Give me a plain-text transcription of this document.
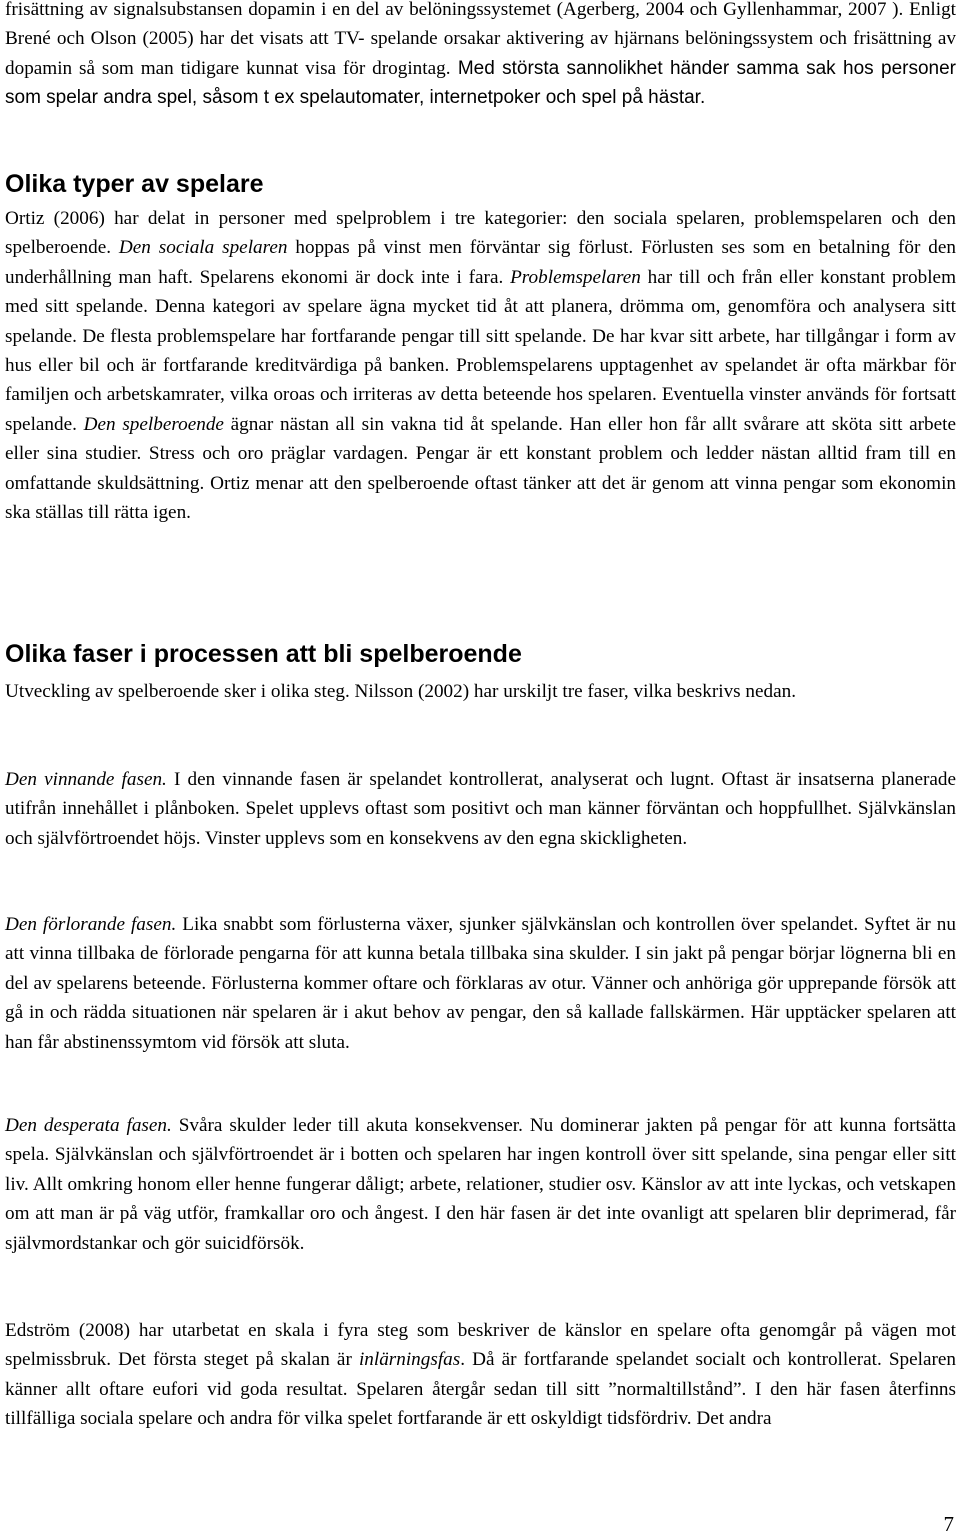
frisättning av signalsubstansen dopamin i en del av belöningssystemet (Agerberg, 2004 och Gyllenhammar, 2007 ). Enligt Brené och Olson (2005) har det visats att TV- spelande orsakar aktivering av hjärnans belöningssystem och frisättning av dopamin så som man tidigare kunnat visa för drogintag. Med största sannolikhet händer samma sak hos personer som spelar andra spel, såsom t ex spelautomater, internetpoker och spel på hästar.

Olika typer av spelare

Ortiz (2006) har delat in personer med spelproblem i tre kategorier: den sociala spelaren, problemspelaren och den spelberoende. Den sociala spelaren hoppas på vinst men förväntar sig förlust. Förlusten ses som en betalning för den underhållning man haft. Spelarens ekonomi är dock inte i fara. Problemspelaren har till och från eller konstant problem med sitt spelande. Denna kategori av spelare ägna mycket tid åt att planera, drömma om, genomföra och analysera sitt spelande. De flesta problemspelare har fortfarande pengar till sitt spelande. De har kvar sitt arbete, har tillgångar i form av hus eller bil och är fortfarande kreditvärdiga på banken. Problemspelarens upptagenhet av spelandet är ofta märkbar för familjen och arbetskamrater, vilka oroas och irriteras av detta beteende hos spelaren. Eventuella vinster används för fortsatt spelande. Den spelberoende ägnar nästan all sin vakna tid åt spelande. Han eller hon får allt svårare att sköta sitt arbete eller sina studier. Stress och oro präglar vardagen. Pengar är ett konstant problem och ledder nästan alltid fram till en omfattande skuldsättning. Ortiz menar att den spelberoende oftast tänker att det är genom att vinna pengar som ekonomin ska ställas till rätta igen.

Olika faser i processen att bli spelberoende

Utveckling av spelberoende sker i olika steg. Nilsson (2002) har urskiljt tre faser, vilka beskrivs nedan.

Den vinnande fasen. I den vinnande fasen är spelandet kontrollerat, analyserat och lugnt. Oftast är insatserna planerade utifrån innehållet i plånboken. Spelet upplevs oftast som positivt och man känner förväntan och hoppfullhet. Självkänslan och självförtroendet höjs. Vinster upplevs som en konsekvens av den egna skickligheten.

Den förlorande fasen. Lika snabbt som förlusterna växer, sjunker självkänslan och kontrollen över spelandet. Syftet är nu att vinna tillbaka de förlorade pengarna för att kunna betala tillbaka sina skulder. I sin jakt på pengar börjar lögnerna bli en del av spelarens beteende. Förlusterna kommer oftare och förklaras av otur. Vänner och anhöriga gör upprepande försök att gå in och rädda situationen när spelaren är i akut behov av pengar, den så kallade fallskärmen. Här upptäcker spelaren att han får abstinenssymtom vid försök att sluta.

Den desperata fasen. Svåra skulder leder till akuta konsekvenser. Nu dominerar jakten på pengar för att kunna fortsätta spela. Självkänslan och självförtroendet är i botten och spelaren har ingen kontroll över sitt spelande, sina pengar eller sitt liv. Allt omkring honom eller henne fungerar dåligt; arbete, relationer, studier osv. Känslor av att inte lyckas, och vetskapen om att man är på väg utför, framkallar oro och ångest. I den här fasen är det inte ovanligt att spelaren blir deprimerad, får självmordstankar och gör suicidförsök.

Edström (2008) har utarbetat en skala i fyra steg som beskriver de känslor en spelare ofta genomgår på vägen mot spelmissbruk. Det första steget på skalan är inlärningsfas. Då är fortfarande spelandet socialt och kontrollerat. Spelaren känner allt oftare eufori vid goda resultat. Spelaren återgår sedan till sitt ”normaltillstånd”. I den här fasen återfinns tillfälliga sociala spelare och andra för vilka spelet fortfarande är ett oskyldigt tidsfördriv. Det andra

7
